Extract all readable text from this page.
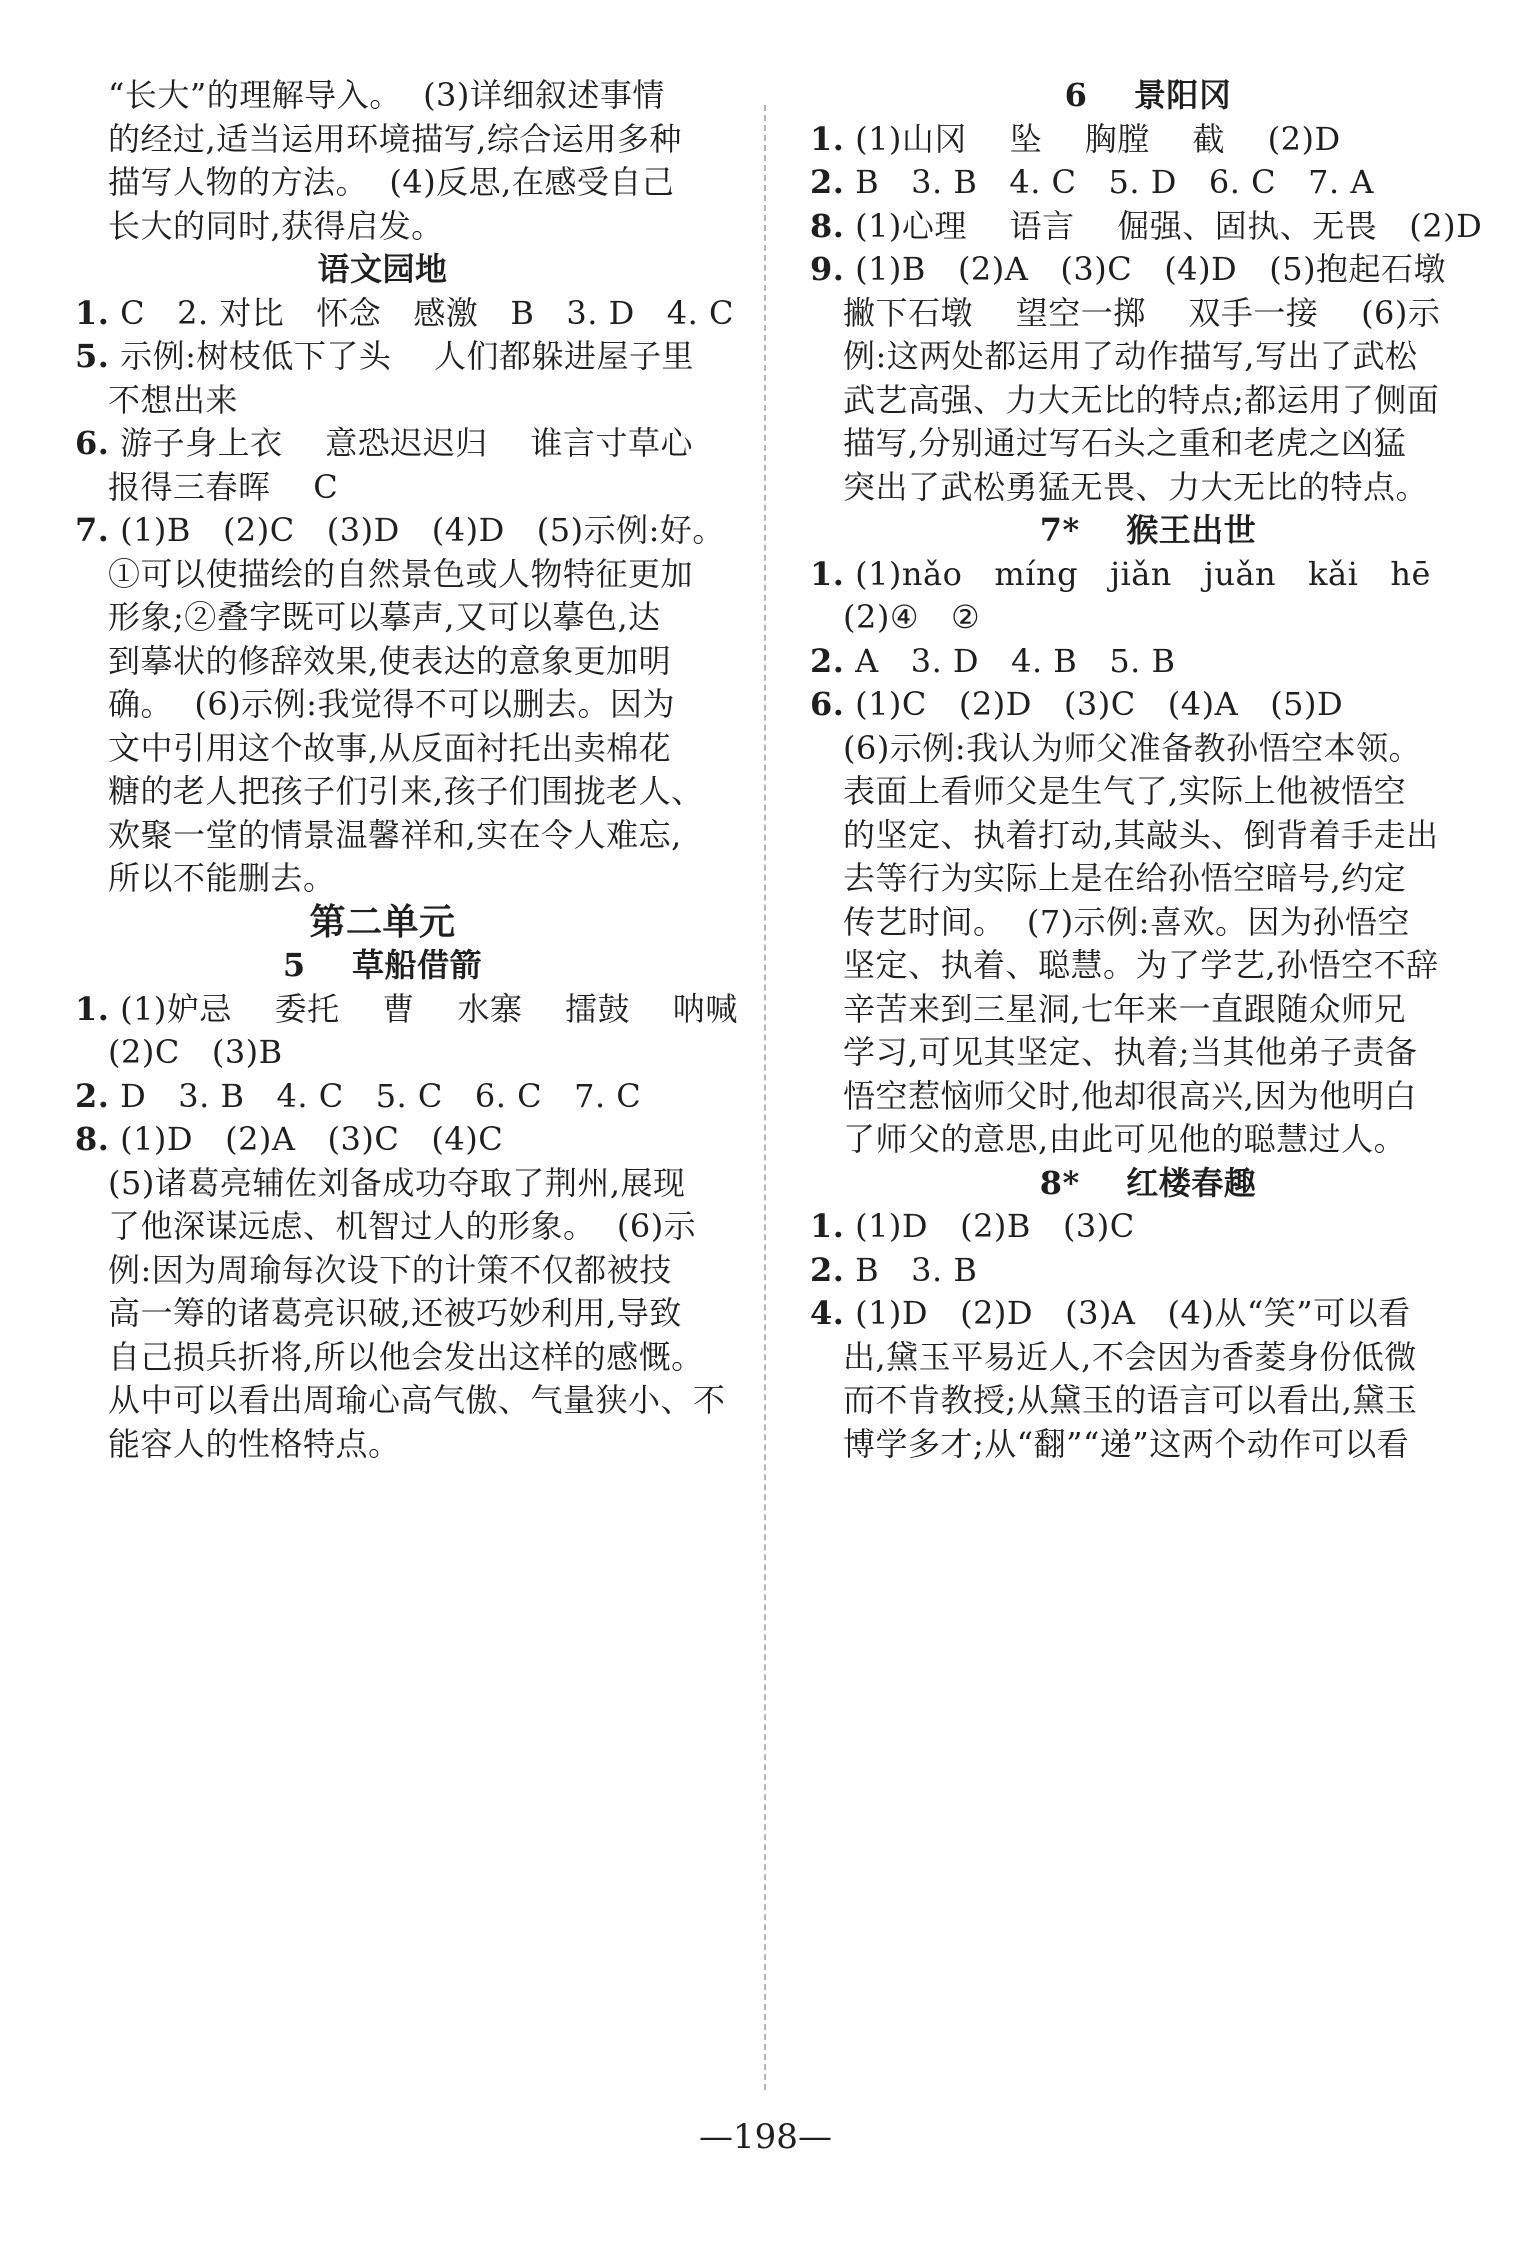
“长大”的理解导入。  (3)详细叙述事情
的经过,适当运用环境描写,综合运用多种
描写人物的方法。  (4)反思,在感受自己
长大的同时,获得启发。
语文园地
1. C   2. 对比   怀念   感激   B   3. D   4. C
5. 示例:树枝低下了头    人们都躲进屋子里
不想出来
6. 游子身上衣    意恐迟迟归    谁言寸草心
报得三春晖    C
7. (1)B   (2)C   (3)D   (4)D   (5)示例:好。
①可以使描绘的自然景色或人物特征更加
形象;②叠字既可以摹声,又可以摹色,达
到摹状的修辞效果,使表达的意象更加明
确。  (6)示例:我觉得不可以删去。因为
文中引用这个故事,从反面衬托出卖棉花
糖的老人把孩子们引来,孩子们围拢老人、
欢聚一堂的情景温馨祥和,实在令人难忘,
所以不能删去。
第二单元
5    草船借箭
1. (1)妒忌    委托    曹    水寨    擂鼓    呐喊
(2)C   (3)B
2. D   3. B   4. C   5. C   6. C   7. C
8. (1)D   (2)A   (3)C   (4)C
(5)诸葛亮辅佐刘备成功夺取了荆州,展现
了他深谋远虑、机智过人的形象。  (6)示
例:因为周瑜每次设下的计策不仅都被技
高一筹的诸葛亮识破,还被巧妙利用,导致
自己损兵折将,所以他会发出这样的感慨。
从中可以看出周瑜心高气傲、气量狭小、不
能容人的性格特点。
6    景阳冈
1. (1)山冈    坠    胸膛    截    (2)D
2. B   3. B   4. C   5. D   6. C   7. A
8. (1)心理    语言    倔强、固执、无畏   (2)D
9. (1)B   (2)A   (3)C   (4)D   (5)抱起石墩
撇下石墩    望空一掷    双手一接    (6)示
例:这两处都运用了动作描写,写出了武松
武艺高强、力大无比的特点;都运用了侧面
描写,分别通过写石头之重和老虎之凶猛
突出了武松勇猛无畏、力大无比的特点。
7*    猴王出世
1. (1)nǎo   míng   jiǎn   juǎn   kǎi   hē
(2)④   ②
2. A   3. D   4. B   5. B
6. (1)C   (2)D   (3)C   (4)A   (5)D
(6)示例:我认为师父准备教孙悟空本领。
表面上看师父是生气了,实际上他被悟空
的坚定、执着打动,其敲头、倒背着手走出
去等行为实际上是在给孙悟空暗号,约定
传艺时间。  (7)示例:喜欢。因为孙悟空
坚定、执着、聪慧。为了学艺,孙悟空不辞
辛苦来到三星洞,七年来一直跟随众师兄
学习,可见其坚定、执着;当其他弟子责备
悟空惹恼师父时,他却很高兴,因为他明白
了师父的意思,由此可见他的聪慧过人。
8*    红楼春趣
1. (1)D   (2)B   (3)C
2. B   3. B
4. (1)D   (2)D   (3)A   (4)从“笑”可以看
出,黛玉平易近人,不会因为香菱身份低微
而不肯教授;从黛玉的语言可以看出,黛玉
博学多才;从“翻”“递”这两个动作可以看
—198—
